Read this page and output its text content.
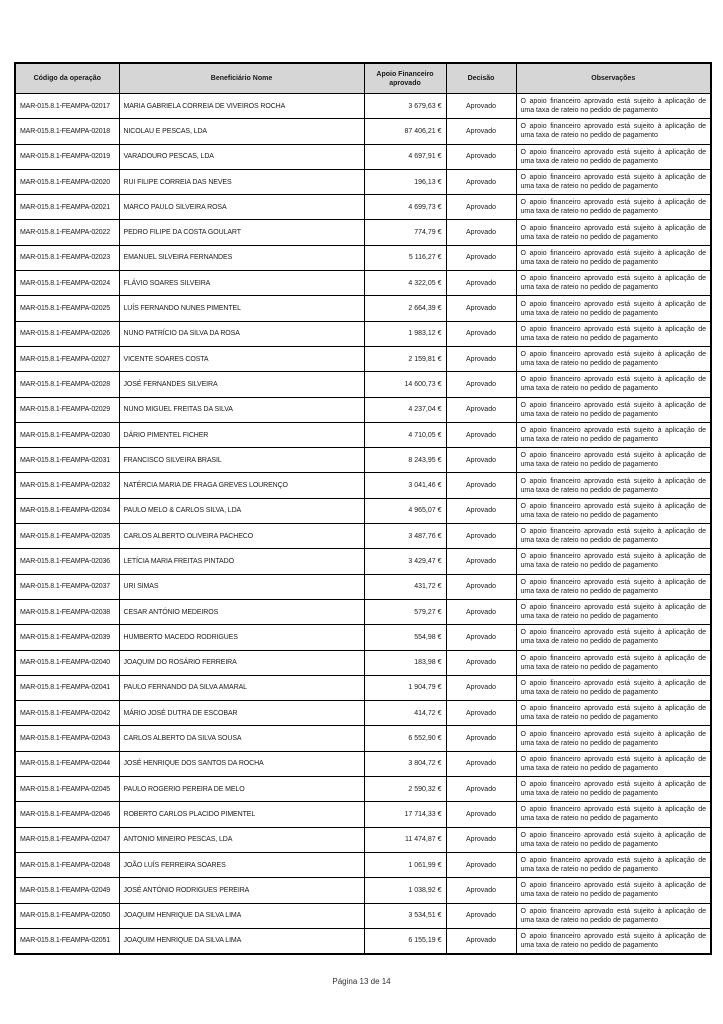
Código da operação	Beneficiário Nome	Apoio Financeiro aprovado	Decisão	Observações
MAR-015.8.1-FEAMPA-02017	MARIA GABRIELA CORREIA DE VIVEIROS ROCHA	3 679,63 €	Aprovado	O apoio financeiro aprovado está sujeito à aplicação de uma taxa de rateio no pedido de pagamento
MAR-015.8.1-FEAMPA-02018	NICOLAU E PESCAS, LDA	87 406,21 €	Aprovado	O apoio financeiro aprovado está sujeito à aplicação de uma taxa de rateio no pedido de pagamento
MAR-015.8.1-FEAMPA-02019	VARADOURO PESCAS, LDA	4 697,91 €	Aprovado	O apoio financeiro aprovado está sujeito à aplicação de uma taxa de rateio no pedido de pagamento
MAR-015.8.1-FEAMPA-02020	RUI FILIPE CORREIA DAS NEVES	196,13 €	Aprovado	O apoio financeiro aprovado está sujeito à aplicação de uma taxa de rateio no pedido de pagamento
MAR-015.8.1-FEAMPA-02021	MARCO PAULO SILVEIRA ROSA	4 699,73 €	Aprovado	O apoio financeiro aprovado está sujeito à aplicação de uma taxa de rateio no pedido de pagamento
MAR-015.8.1-FEAMPA-02022	PEDRO FILIPE DA COSTA GOULART	774,79 €	Aprovado	O apoio financeiro aprovado está sujeito à aplicação de uma taxa de rateio no pedido de pagamento
MAR-015.8.1-FEAMPA-02023	EMANUEL SILVEIRA FERNANDES	5 116,27 €	Aprovado	O apoio financeiro aprovado está sujeito à aplicação de uma taxa de rateio no pedido de pagamento
MAR-015.8.1-FEAMPA-02024	FLÁVIO SOARES SILVEIRA	4 322,05 €	Aprovado	O apoio financeiro aprovado está sujeito à aplicação de uma taxa de rateio no pedido de pagamento
MAR-015.8.1-FEAMPA-02025	LUÍS FERNANDO NUNES PIMENTEL	2 664,39 €	Aprovado	O apoio financeiro aprovado está sujeito à aplicação de uma taxa de rateio no pedido de pagamento
MAR-015.8.1-FEAMPA-02026	NUNO PATRÍCIO DA SILVA DA ROSA	1 983,12 €	Aprovado	O apoio financeiro aprovado está sujeito à aplicação de uma taxa de rateio no pedido de pagamento
MAR-015.8.1-FEAMPA-02027	VICENTE SOARES COSTA	2 159,81 €	Aprovado	O apoio financeiro aprovado está sujeito à aplicação de uma taxa de rateio no pedido de pagamento
MAR-015.8.1-FEAMPA-02028	JOSÉ FERNANDES SILVEIRA	14 600,73 €	Aprovado	O apoio financeiro aprovado está sujeito à aplicação de uma taxa de rateio no pedido de pagamento
MAR-015.8.1-FEAMPA-02029	NUNO MIGUEL FREITAS DA SILVA	4 237,04 €	Aprovado	O apoio financeiro aprovado está sujeito à aplicação de uma taxa de rateio no pedido de pagamento
MAR-015.8.1-FEAMPA-02030	DÁRIO PIMENTEL FICHER	4 710,05 €	Aprovado	O apoio financeiro aprovado está sujeito à aplicação de uma taxa de rateio no pedido de pagamento
MAR-015.8.1-FEAMPA-02031	FRANCISCO SILVEIRA BRASIL	8 243,95 €	Aprovado	O apoio financeiro aprovado está sujeito à aplicação de uma taxa de rateio no pedido de pagamento
MAR-015.8.1-FEAMPA-02032	NATÉRCIA MARIA DE FRAGA GREVES LOURENÇO	3 041,46 €	Aprovado	O apoio financeiro aprovado está sujeito à aplicação de uma taxa de rateio no pedido de pagamento
MAR-015.8.1-FEAMPA-02034	PAULO MELO & CARLOS SILVA, LDA	4 965,07 €	Aprovado	O apoio financeiro aprovado está sujeito à aplicação de uma taxa de rateio no pedido de pagamento
MAR-015.8.1-FEAMPA-02035	CARLOS ALBERTO OLIVEIRA PACHECO	3 487,76 €	Aprovado	O apoio financeiro aprovado está sujeito à aplicação de uma taxa de rateio no pedido de pagamento
MAR-015.8.1-FEAMPA-02036	LETÍCIA MARIA FREITAS PINTADO	3 429,47 €	Aprovado	O apoio financeiro aprovado está sujeito à aplicação de uma taxa de rateio no pedido de pagamento
MAR-015.8.1-FEAMPA-02037	URI SIMAS	431,72 €	Aprovado	O apoio financeiro aprovado está sujeito à aplicação de uma taxa de rateio no pedido de pagamento
MAR-015.8.1-FEAMPA-02038	CESAR ANTÓNIO MEDEIROS	579,27 €	Aprovado	O apoio financeiro aprovado está sujeito à aplicação de uma taxa de rateio no pedido de pagamento
MAR-015.8.1-FEAMPA-02039	HUMBERTO MACEDO RODRIGUES	554,98 €	Aprovado	O apoio financeiro aprovado está sujeito à aplicação de uma taxa de rateio no pedido de pagamento
MAR-015.8.1-FEAMPA-02040	JOAQUIM DO ROSÁRIO FERREIRA	183,98 €	Aprovado	O apoio financeiro aprovado está sujeito à aplicação de uma taxa de rateio no pedido de pagamento
MAR-015.8.1-FEAMPA-02041	PAULO FERNANDO DA SILVA AMARAL	1 904,79 €	Aprovado	O apoio financeiro aprovado está sujeito à aplicação de uma taxa de rateio no pedido de pagamento
MAR-015.8.1-FEAMPA-02042	MÁRIO JOSÉ DUTRA DE ESCOBAR	414,72 €	Aprovado	O apoio financeiro aprovado está sujeito à aplicação de uma taxa de rateio no pedido de pagamento
MAR-015.8.1-FEAMPA-02043	CARLOS ALBERTO DA SILVA SOUSA	6 552,90 €	Aprovado	O apoio financeiro aprovado está sujeito à aplicação de uma taxa de rateio no pedido de pagamento
MAR-015.8.1-FEAMPA-02044	JOSÉ HENRIQUE DOS SANTOS DA ROCHA	3 804,72 €	Aprovado	O apoio financeiro aprovado está sujeito à aplicação de uma taxa de rateio no pedido de pagamento
MAR-015.8.1-FEAMPA-02045	PAULO ROGERIO PEREIRA DE MELO	2 590,32 €	Aprovado	O apoio financeiro aprovado está sujeito à aplicação de uma taxa de rateio no pedido de pagamento
MAR-015.8.1-FEAMPA-02046	ROBERTO CARLOS PLACIDO PIMENTEL	17 714,33 €	Aprovado	O apoio financeiro aprovado está sujeito à aplicação de uma taxa de rateio no pedido de pagamento
MAR-015.8.1-FEAMPA-02047	ANTONIO MINEIRO PESCAS, LDA	11 474,87 €	Aprovado	O apoio financeiro aprovado está sujeito à aplicação de uma taxa de rateio no pedido de pagamento
MAR-015.8.1-FEAMPA-02048	JOÃO LUÍS FERREIRA SOARES	1 061,99 €	Aprovado	O apoio financeiro aprovado está sujeito à aplicação de uma taxa de rateio no pedido de pagamento
MAR-015.8.1-FEAMPA-02049	JOSÉ ANTÓNIO RODRIGUES PEREIRA	1 038,92 €	Aprovado	O apoio financeiro aprovado está sujeito à aplicação de uma taxa de rateio no pedido de pagamento
MAR-015.8.1-FEAMPA-02050	JOAQUIM HENRIQUE DA SILVA LIMA	3 534,51 €	Aprovado	O apoio financeiro aprovado está sujeito à aplicação de uma taxa de rateio no pedido de pagamento
MAR-015.8.1-FEAMPA-02051	JOAQUIM HENRIQUE DA SILVA LIMA	6 155,19 €	Aprovado	O apoio financeiro aprovado está sujeito à aplicação de uma taxa de rateio no pedido de pagamento
Página 13 de 14
